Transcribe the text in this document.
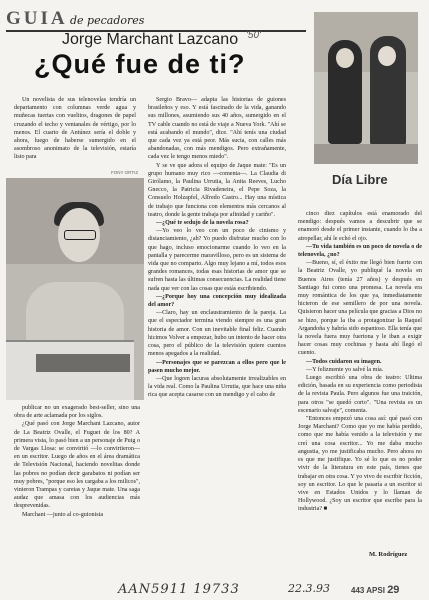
GUIA de pecadores
'50'
Jorge Marchant Lazcano
¿Qué fue de ti?
Día Libre

Un novelista de sus telenovelas tendría un departamento con columnas verde agua y muñecas tuertas con vuelitos, dragones de papel cruzando el techo y ventanales de vértigo, por lo menos. El cuarto de Antúnez sería el doble y ahora, luego de haberse sumergido en el asombroso anonimato de la televisión, estaría listo para

FONY ORTIZ

publicar no un exagerado best-seller, sino una obra de arte aclamada por los siglos.

¿Qué pasó con Jorge Marchant Lazcano, autor de La Beatriz Ovalle, el Fuguet de los 80? A primera vista, lo pasó bien a un personaje de Puig o de Vargas Llosa: se convirtió —lo convirtieron— en un escritor. Luego de años en el área dramática de Televisión Nacional, haciendo novelitas donde las pobres no podían decir garabatos ni podían ser muy pobres, "porque eso les cargaba a los milicos", vinieron Trampas y caretas y Jaque mate. Una saga audaz que amasa con los audiencias más desprevenidas.

Marchant —junto al co-guionista

Sergio Bravo— adapta las historias de guiones brasileños y eso. Y está fascinado de la vida, ganando sus millones, asumiendo sus 40 años, sumergido en el TV cable cuando no está de viaje a Nueva York. "Ahí se está acabando el mundo", dice. "Ahí tenís una ciudad que cada vez ya está peor. Más sucia, con calles más abandonadas, con más mendigos. Pero extrañamente, cada vez le tengo menos miedo".

Y se ve que adora el equipo de Jaque mate: "Es un grupo humano muy rico —comenta—. La Claudia di Girólamo, la Paulina Urrutia, la Anita Reeves, Lucho Gnecco, la Patricia Rivadeneira, el Pepe Soza, la Consuelo Holzapfel, Alfredo Castro... Hay una mística de trabajo que funciona con elementos más cercanos al teatro, donde la gente trabaja por afinidad y cariño".

—¿Qué te sedujo de la novela rosa?

—Yo veo lo veo con un poco de cinismo y distanciamiento, ¿ah? Yo puedo disfrutar mucho con lo que hago, incluso emocionarme cuando lo veo en la pantalla y parecerme maravilloso, pero es un sistema de vida que no comparto. Algo muy lejano a mí, todos esos grandes romances, todas esas historias de amor que se sufren hasta las últimas consecuencias. La realidad tiene nada que ver con las cosas que estás escribiendo.

—¿Porque hoy una concepción muy idealizada del amor?

—Claro, hay un enclaustramiento de la pareja. La que el espectador termina viendo siempre es una gran historia de amor. Con un inevitable final feliz. Cuando hicimos Volver a empezar, hubo un intento de hacer otra cosa, pero el público de la televisión quiere cuentos menos apegados a la realidad.

—Personajes que se parezcan a ellos pero que le pasen mucho mejor.

—Que logren lacuras absolutamente irrealizables en la vida real. Como la Paulina Urrutia, que hace una niña rica que acepta casarse con un mendigo y el cabo de

cinco diez capítulos está enamorado del mendigo: después vamos a descubrir que se enamoró desde el primer instante, cuando lo iba a atropellar, ahí le echó el ojo.

—Tu vida también es un poco de novela o de telenovela, ¿no?

—Bueno, sí, el éxito me llegó bien fuerte con la Beatriz Ovalle, yo publiqué la novela en Buenos Aires (tenía 27 años) y después en Santiago fui como una promesa. La novela era muy romántica de los que ya, inmediatamente hicieron de ese semillero de por una novela. Quisieron hacer una película que gracias a Dios no se hizo, porque la iba a protagonizar la Raquel Argandoña y habría sido espantoso. Ella tenía que la novela fuera muy fuertona y le iban a exigir hacer cosas muy cochinas y hasta ahí llegó el cuento.

—Todos cuidaron su imagen.

—Y felizmente yo salvé la mía.

Luego escribió una obra de teatro: Ultima edición, basada en su experiencia como periodista de la revista Paula. Pero algunos fue una traición, para otros "se quedó corto". "Una revista es un escenario salvaje", comenta.

"Entonces empezó una cosa así: qué pasó con Jorge Marchant? Como que yo me había perdido, como que me había venido a la televisión y me creí una cosa escritor... Yo me daba mucho angustia, yo me justificaba mucho. Pero ahora no es que me justifique. Yo sé lo que es no poder vivir de la literatura en este país, tienes que trabajar en otra cosa. Y yo vivo de escribir ficción, soy un escritor. Lo que le pasaría a un escritor si vive en Estados Unidos y lo llaman de Hollywood. ¿Soy un escritor que escribe para la industria? ■

M. Rodríguez
AAN5911 19733	22.3.93	443 APSI 29
